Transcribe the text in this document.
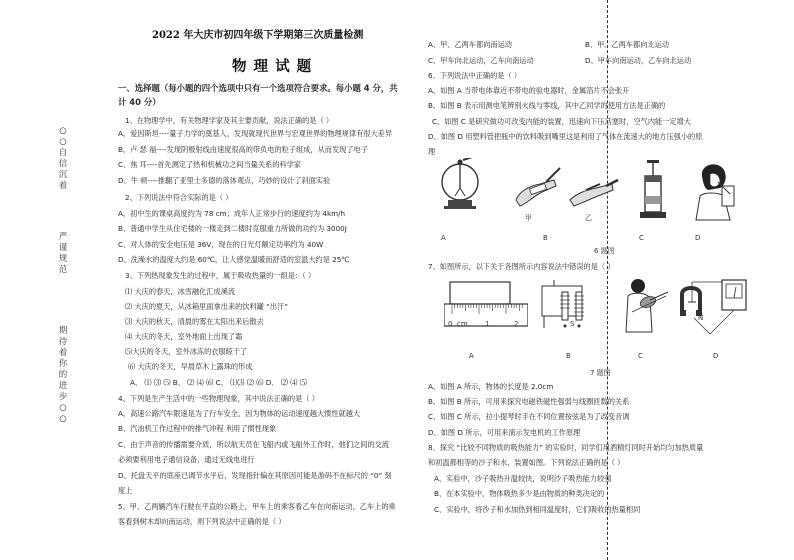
○
○
自
信
沉
着
严
谨
规
范
期
待
着
你
的
进
步
○
○
2022 年大庆市初四年级下学期第三次质量检测
物 理 试 题
一、选择题（每小题的四个选项中只有一个选项符合要求。每小题 4 分，共
计 40 分）
1、在物理学中，有关物理学家及其主要贡献，说法正确的是（ ）
A、爱因斯坦----量子力学的奠基人，发现就现代世界与宏观世界的物理规律有很大差异
B、卢 瑟 福----发现阴极射线由速度很高的带负电的粒子组成，从而发现了电子
C、焦 耳----首先测定了热和机械功之间当量关系的科学家
D、牛 顿----推翻了亚里士多德的落体观点，巧妙的设计了斜面实验
2、下列说法中符合实际的是（ ）
A、初中生的课桌高度约为 78 cm；成年人正常步行的速度约为 4km/h
B、普通中学生从住宅楼的一楼走到二楼时克服重力所做的功约为 3000J
C、对人体的安全电压是 36V，现在的日光灯额定功率约为 40W
D、洗澡水的温度大约是 60℃，让人感觉温暖而舒适的室温大约是 25℃
3、下列热现象发生的过程中，属于吸收热量的一组是：（ ）
⑴ 大庆的春天，冰雪融化汇成溪流
⑵ 大庆的夏天，从冰箱里面拿出来的饮料罐 “出汗”
⑶ 大庆的秋天，清晨的雾在太阳出来后散去
⑷ 大庆的冬天，室外地面上出现了霜
⑸大庆的冬天，室外冰冻的衣服晾干了
⑹ 大庆的冬天，早晨草木上露珠的形成
A、 ⑴ ⑶ ⑸ B、 ⑵ ⑷ ⑹ C、 ⑴⑶ ⑵ ⑹ D、 ⑵ ⑷ ⑸
4、下列是生产生活中的一些物理现象，其中说法正确的是（ ）
A、高速公路汽车限速是为了行车安全，因为物体的运动速度越大惯性就越大
B、汽油机工作过程中的排气冲程 利用了惯性现象
C、由于声音的传播需要介质，所以航天员在飞船内或飞船外工作时，他们之间的交流
必须要利用电子通信设备，通过无线电进行
D、托盘天平的底座已调节水平后，发现指针偏在其原因可能是游码不在标尺的 “0” 刻
度上
5、甲、乙两辆汽车行驶在平直的公路上，甲车上的乘客看乙车在向南运动，乙车上的乘
客看到树木却向南运动，则下列说法中正确的是（ ）
A、甲、乙两车都向南运动	B、甲、乙两车都向北运动
C、甲车向北运动，乙车向南运动	D、甲车向南运动，乙车向北运动
6、下列说法中正确的是（ ）
A、如图 A 当带电体靠近不带电的验电器时，金属箔片不会张开
B、如图 B 表示用测电笔辨别火线与零线，其中乙同学的使用方法是正确的
C、如图 C 是研究做功可改变内能的装置，迅速向下压活塞时，空气内能一定增大
D、如图 D 用塑料管把瓶中的饮料吸到嘴里这是利用了气体在流速大的地方压强小的原
理
甲	乙
A	B	C	D
6 题图
7、如图所示，以下关于各图所示内容说法中错误的是（ ）
0 cm 1	2	S
N
A	B	C	D
7 题图
A、如图 A 所示，物体的长度是 2.0cm
B、如图 B 所示，可用来探究电磁铁磁性强弱与线圈匝数的关系
C、如图 C 所示，拉小提琴时手在不同位置按弦是为了改变音调
D、如图 D 所示，可用来演示发电机的工作原理
8、探究 “比较不同物质的吸热能力” 的实验时，同学们用酒精灯同时开始均匀加热质量
和初温都相等的沙子和水，装置如图。下列说法正确的是（ ）
A、实验中，沙子吸热升温较快，说明沙子吸热能力较强
B、在本实验中，物体吸热多少是由物质的种类决定的
C、实验中，将沙子和水加热到相同温度时，它们吸收的热量相同
